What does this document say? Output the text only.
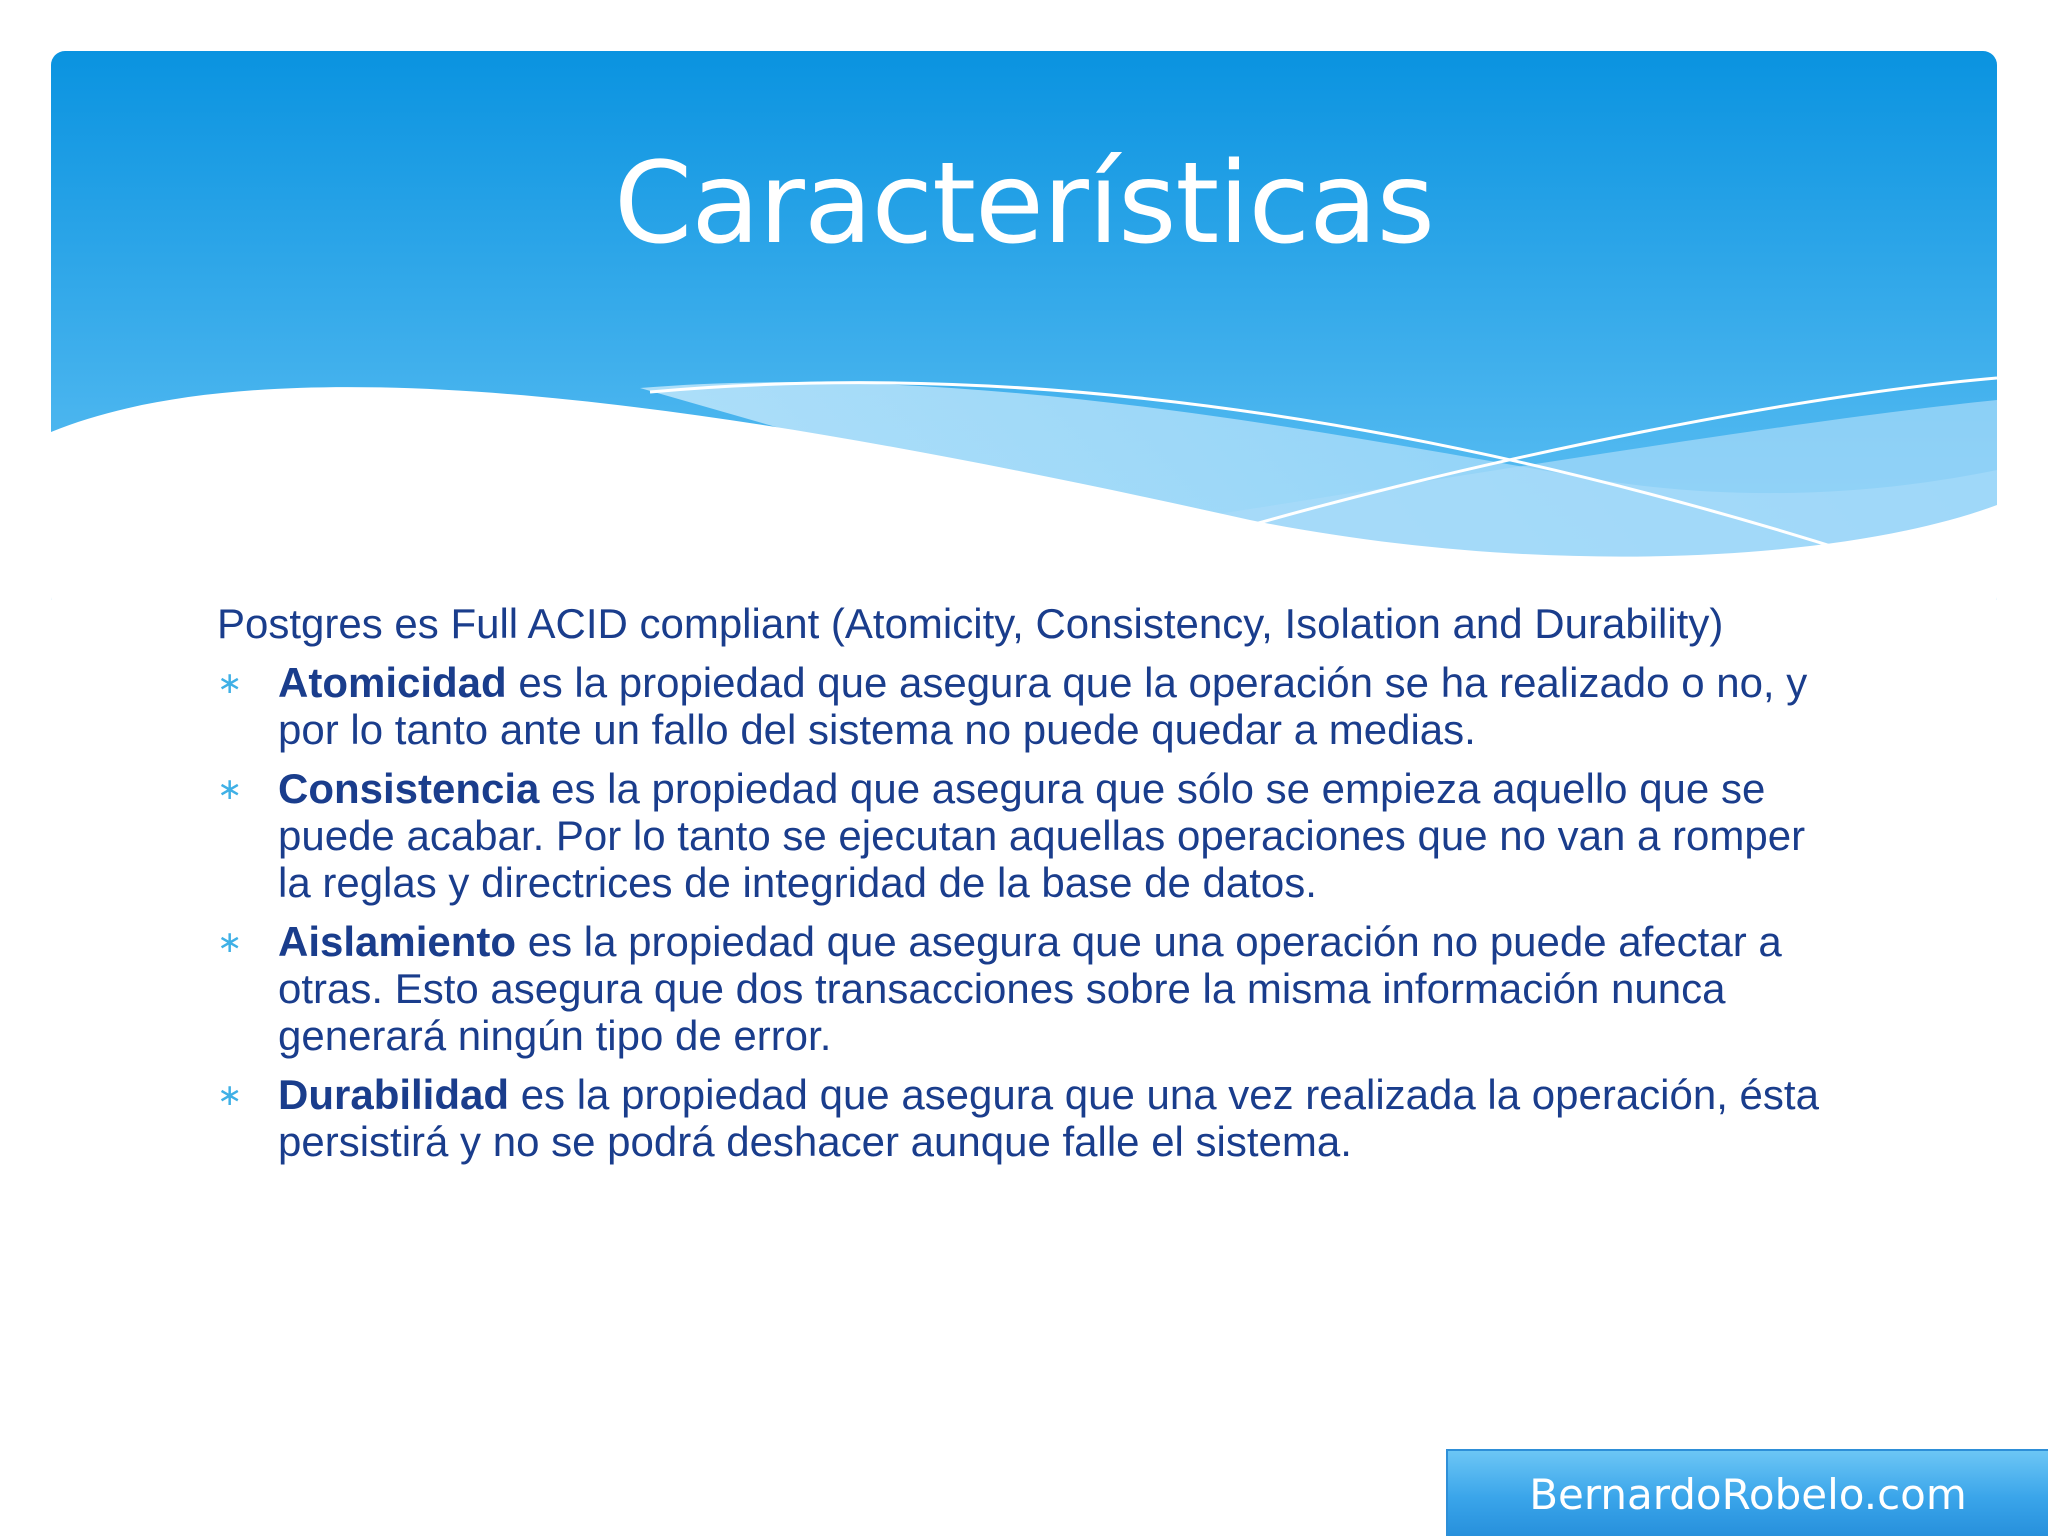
Características

Postgres es Full ACID compliant (Atomicity, Consistency, Isolation and Durability)

∗ Atomicidad es la propiedad que asegura que la operación se ha realizado o no, y por lo tanto ante un fallo del sistema no puede quedar a medias.
∗ Consistencia es la propiedad que asegura que sólo se empieza aquello que se puede acabar. Por lo tanto se ejecutan aquellas operaciones que no van a romper la reglas y directrices de integridad de la base de datos.
∗ Aislamiento es la propiedad que asegura que una operación no puede afectar a otras. Esto asegura que dos transacciones sobre la misma información nunca generará ningún tipo de error.
∗ Durabilidad es la propiedad que asegura que una vez realizada la operación, ésta persistirá y no se podrá deshacer aunque falle el sistema.
BernardoRobelo.com
